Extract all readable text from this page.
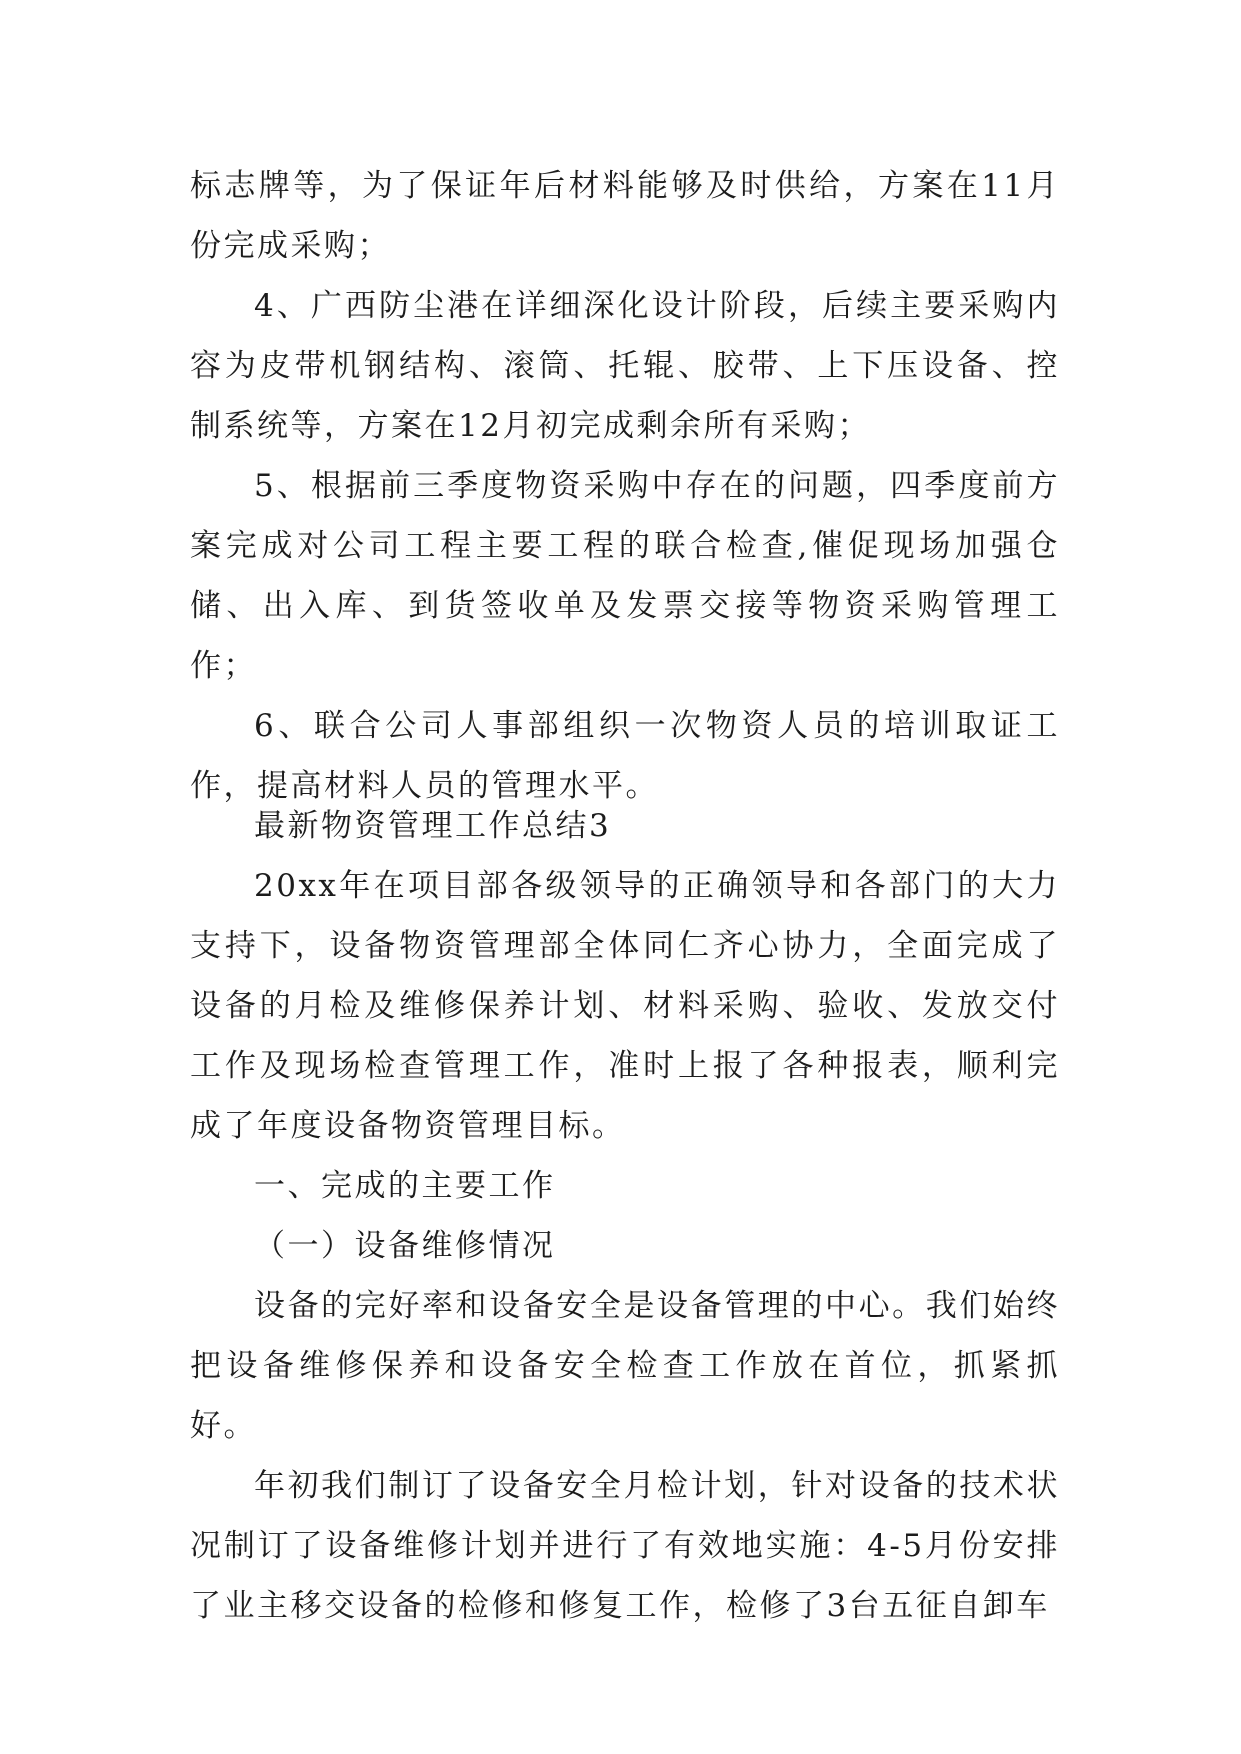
标志牌等，为了保证年后材料能够及时供给，方案在11月份完成采购；

4、广西防尘港在详细深化设计阶段，后续主要采购内容为皮带机钢结构、滚筒、托辊、胶带、上下压设备、控制系统等，方案在12月初完成剩余所有采购；

5、根据前三季度物资采购中存在的问题，四季度前方案完成对公司工程主要工程的联合检查,催促现场加强仓储、出入库、到货签收单及发票交接等物资采购管理工作；

6、联合公司人事部组织一次物资人员的培训取证工作，提高材料人员的管理水平。

最新物资管理工作总结3

20xx年在项目部各级领导的正确领导和各部门的大力支持下，设备物资管理部全体同仁齐心协力，全面完成了设备的月检及维修保养计划、材料采购、验收、发放交付工作及现场检查管理工作，准时上报了各种报表，顺利完成了年度设备物资管理目标。

一、完成的主要工作

（一）设备维修情况

设备的完好率和设备安全是设备管理的中心。我们始终把设备维修保养和设备安全检查工作放在首位，抓紧抓好。

年初我们制订了设备安全月检计划，针对设备的技术状况制订了设备维修计划并进行了有效地实施：4-5月份安排了业主移交设备的检修和修复工作，检修了3台五征自卸车
